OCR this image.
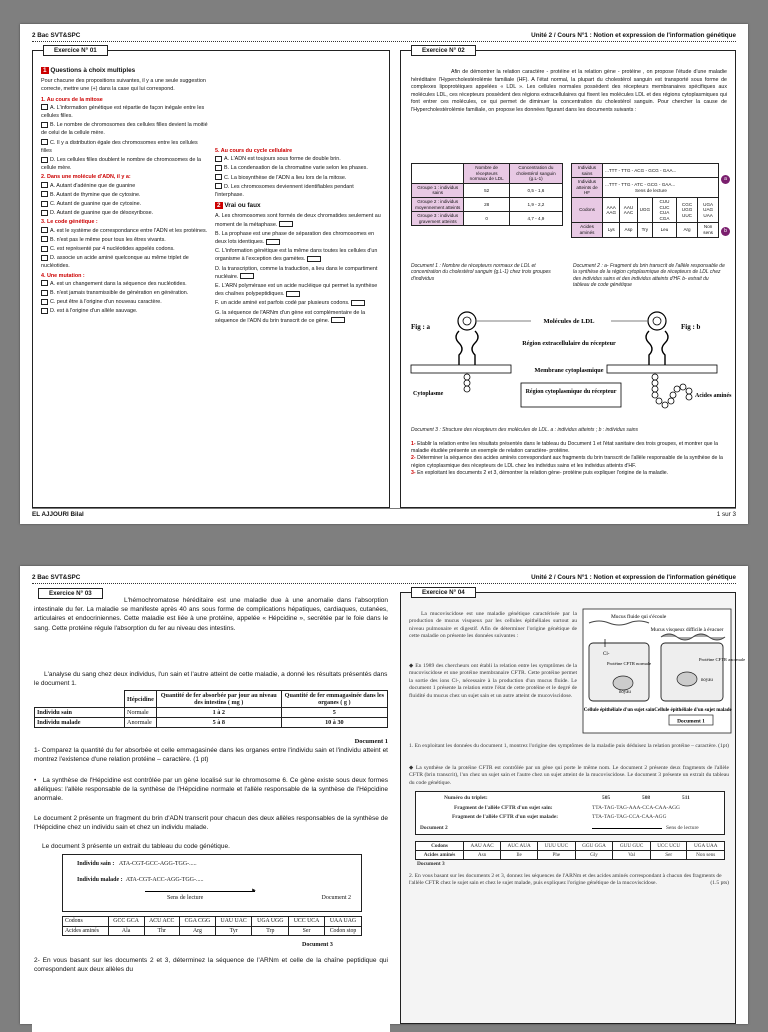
2 Bac SVT&SPC	Unité 2 / Cours N°1 : Notion et expression de l'information génétique
Exercice N° 01
1 Questions à choix multiples
Pour chacune des propositions suivantes, il y a une seule suggestion correcte, mettre une (+) dans la case qui lui correspond.
1. Au cours de la mitose
A. L'information génétique est répartie de façon inégale entre les cellules filles.
B. Le nombre de chromosomes des cellules filles devient la moitié de celui de la cellule mère.
C. Il y a distribution égale des chromosomes entre les cellules filles
D. Les cellules filles doublent le nombre de chromosomes de la cellule mère.
2. Dans une molécule d'ADN, il y a:
A. Autant d'adénine que de guanine
B. Autant de thymine que de cytosine.
C. Autant de guanine que de cytosine.
D. Autant de guanine que de désoxyribose.
3. Le code génétique :
A. est le système de correspondance entre l'ADN et les protéines.
B. n'est pas le même pour tous les êtres vivants.
C. est représenté par 4 nucléotides appelés codons.
D. associe un acide aminé quelconque au même triplet de nucléotides.
4. Une mutation :
A. est un changement dans la séquence des nucléotides.
B. n'est jamais transmissible de génération en génération.
C. peut être à l'origine d'un nouveau caractère.
D. est à l'origine d'un allèle sauvage.
5. Au cours du cycle cellulaire
A. L'ADN est toujours sous forme de double brin.
B. La condensation de la chromatine varie selon les phases.
C. La biosynthèse de l'ADN a lieu lors de la mitose.
D. Les chromosomes deviennent identifiables pendant l'interphase.
2 Vrai ou faux
A. Les chromosomes sont formés de deux chromatides seulement au moment de la métaphase.
B. La prophase est une phase de séparation des chromosomes en deux lots identiques.
C. L'information génétique est la même dans toutes les cellules d'un organisme à l'exception des gamètes.
D. la transcription, comme la traduction, a lieu dans le compartiment nucléaire.
E. L'ARN polymérase est un acide nucléique qui permet la synthèse des chaînes polypeptidiques.
F. un acide aminé est parfois codé par plusieurs codons.
G. la séquence de l'ARNm d'un gène est complémentaire de la séquence de l'ADN du brin transcrit de ce gène.
Exercice N° 02
Afin de démontrer la relation caractère - protéine et la relation gène - protéine , on propose l'étude d'une maladie héréditaire l'Hypercholestérolémie familiale (HF). A l'état normal, la plupart du cholestérol sanguin est transporté sous forme de complexes lipoprotéiques appelées « LDL ». Les cellules normales possèdent des récepteurs membranaires spécifiques aux molécules LDL, ces récepteurs possèdent des régions extracellulaires qui fixent les molécules LDL et des régions cytoplasmiques qui font entrer ces molécules, ce qui permet de diminuer la concentration du cholestérol sanguin. Pour chercher la cause de l'Hypercholestérolémie familiale, on propose les données figurant dans les documents suivants :
	Nombre de récepteurs normaux de LDL	Concentration du cholestérol sanguin (g.L-1)
Groupe 1 : individus sains	52	0,5 - 1,6
Groupe 2 : individus moyennement atteints	28	1,9 - 2,2
Groupe 3 : individus gravement atteints	0	4,7 - 4,9
Document 1 : Nombre de récepteurs normaux de LDL et concentration du cholestérol sanguin (g.L-1) chez trois groupes d'individus
Individus sains	...TTT - TTG - ACG - GCG - GAA...					
Individus atteints de HF	...TTT - TTG - ATC - GCG - GAA...
Sens de lecture					
Codons	AAA AAG	AAU AAC	UGG	CUU CUC CUA CGA	CGC UGG UUC	UGA UAG UAA
Acides aminés	Lys	Asp	Try	Leu	Arg	Non sens
a
b
Document 2 : a- Fragment du brin transcrit de l'allèle responsable de la synthèse de la région cytoplasmique de récepteurs de LDL chez des individus sains et des individus atteints d'HF. b- extrait du tableau de code génétique
Fig : a	Fig : b
Molécules de LDL
Région extracellulaire du récepteur
Membrane cytoplasmique
Cytoplasme	Région cytoplasmique du récepteur
Acides aminés
Document 3 : Structure des récepteurs des molécules de LDL. a : individus atteints ; b : individus sains
1- Etablir la relation entre les résultats présentés dans le tableau du Document 1 et l'état sanitaire des trois groupes, et montrer que la maladie étudiée présente un exemple de relation caractère- protéine.
2- Déterminer la séquence des acides aminés correspondant aux fragments du brin transcrit de l'allèle responsable de la synthèse de la région cytoplasmique des récepteurs de LDL chez les individus sains et les individus atteints d'HF.
3- En exploitant les documents 2 et 3, démontrer la relation gène- protéine puis expliquer l'origine de la maladie.
EL AJJOURI Bilal	1 sur 3
2 Bac SVT&SPC	Unité 2 / Cours N°1 : Notion et expression de l'information génétique
Exercice N° 03
L'hémochromatose héréditaire est une maladie due à une anomalie dans l'absorption intestinale du fer. La maladie se manifeste après 40 ans sous forme de complications hépatiques, cardiaques, cutanées, articulaires et endocriniennes. Cette maladie est liée à une protéine, appelée « Hépcidine », secrétée par le foie dans le sang. Cette protéine régule l'absorption du fer au niveau des intestins.
L'analyse du sang chez deux individus, l'un sain et l'autre atteint de cette maladie, a donné les résultats présentés dans le document 1.
	Hépcidine	Quantité de fer absorbée par jour au niveau des intestins ( mg )	Quantité de fer emmagasinée dans les organes ( g )
Individu sain	Normale	1 à 2	5
Individu malade	Anormale	5 à 8	10 à 30
Document 1
1- Comparez la quantité du fer absorbée et celle emmagasinée dans les organes entre l'individu sain et l'individu atteint et montrez l'existence d'une relation protéine – caractère. (1 pt)
•   La synthèse de l'Hépcidine est contrôlée par un gène localisé sur le chromosome 6. Ce gène existe sous deux formes alléliques: l'allèle responsable de la synthèse de l'Hépcidine normale et l'allèle responsable de la synthèse de l'Hépcidine anormale.
Le document 2 présente un fragment du brin d'ADN transcrit pour chacun des deux allèles responsables de la synthèse de l'Hépcidine chez un individu sain et chez un individu malade.
Le document 3 présente un extrait du tableau du code génétique.
Individu sain : ATA-CGT-GCC-AGG-TGG-.....
Individu malade : ATA-CGT-ACC-AGG-TGG-.....
►
Sens de lecture	Document 2
Codons	GCC GCA	ACU ACC	CGA CGG	UAU UAC	UGA UGG	UCC UCA	UAA UAG
Acides aminés	Ala	Thr	Arg	Tyr	Trp	Ser	Codon stop
Document 3
2- En vous basant sur les documents 2 et 3, déterminez la séquence de l'ARNm et celle de la chaîne peptidique qui correspondent aux deux allèles du
Exercice N° 04
La mucoviscidose est une maladie génétique caractérisée par la production de mucus visqueux par les cellules épithéliales surtout au niveau pulmonaire et digestif. Afin de déterminer l'origine génétique de cette maladie on présente les données suivantes :
◆ En 1989 des chercheurs ont établi la relation entre les symptômes de la mucoviscidose et une protéine membranaire CFTR. Cette protéine permet la sortie des ions Cl-, nécessaire à la production d'un mucus fluide. Le document 1 présente la relation entre l'état de cette protéine et le degré de fluidité du mucus chez un sujet sain et un autre atteint de mucoviscidose.
Mucus fluide qui s'écoule
Mucus visqueux difficile à évacuer
Cl-
Protéine CFTR normale
noyau
Protéine CFTR anormale
noyau
Cellule épithéliale d'un sujet sain Cellule épithéliale d'un sujet malade
Document 1
1. En exploitant les données du document 1, montrez l'origine des symptômes de la maladie puis déduisez la relation protéine – caractère. (1pt)
◆ La synthèse de la protéine CFTR est contrôlée par un gène qui porte le même nom. Le document 2 présente deux fragments de l'allèle CFTR (brin transcrit), l'un chez un sujet sain et l'autre chez un sujet atteint de la mucoviscidose. Le document 3 présente un extrait du tableau du code génétique.
Numéro du triplet:	505	508	511
Fragment de l'allèle CFTR d'un sujet sain:	TTA-TAG-TAG-AAA-CCA-CAA-AGG
Fragment de l'allèle CFTR d'un sujet malade:	TTA-TAG-TAG-CCA-CAA-AGG
Document 2	Sens de lecture
Codons	AAU AAC	AUC AUA	UUU UUC	GGU GGA	GUU GUC	UCC UCU	UGA UAA
Acides aminés	Asn	Ile	Phe	Gly	Val	Ser	Non sens
Document 3
2. En vous basant sur les documents 2 et 3, donnez les séquences de l'ARNm et des acides aminés correspondant à chacun des fragments de l'allèle CFTR chez le sujet sain et chez le sujet malade, puis expliquez l'origine génétique de la mucoviscidose.	(1.5 pts)
